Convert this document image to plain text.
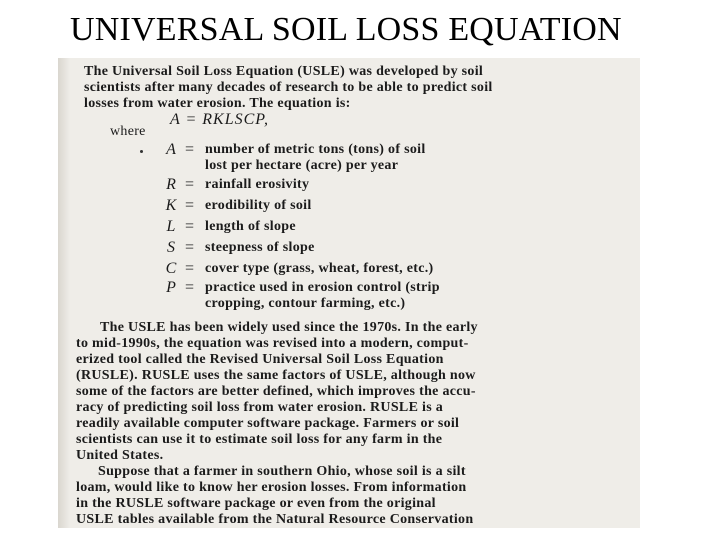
UNIVERSAL SOIL LOSS EQUATION
The Universal Soil Loss Equation (USLE) was developed by soil
scientists after many decades of research to be able to predict soil
losses from water erosion. The equation is:
A = RKLSCP,
where
A = number of metric tons (tons) of soil
lost per hectare (acre) per year
R = rainfall erosivity
K = erodibility of soil
L = length of slope
S = steepness of slope
C = cover type (grass, wheat, forest, etc.)
P = practice used in erosion control (strip
cropping, contour farming, etc.)
The USLE has been widely used since the 1970s. In the early
to mid-1990s, the equation was revised into a modern, comput-
erized tool called the Revised Universal Soil Loss Equation
(RUSLE). RUSLE uses the same factors of USLE, although now
some of the factors are better defined, which improves the accu-
racy of predicting soil loss from water erosion. RUSLE is a
readily available computer software package. Farmers or soil
scientists can use it to estimate soil loss for any farm in the
United States.
Suppose that a farmer in southern Ohio, whose soil is a silt
loam, would like to know her erosion losses. From information
in the RUSLE software package or even from the original
USLE tables available from the Natural Resource Conservation
